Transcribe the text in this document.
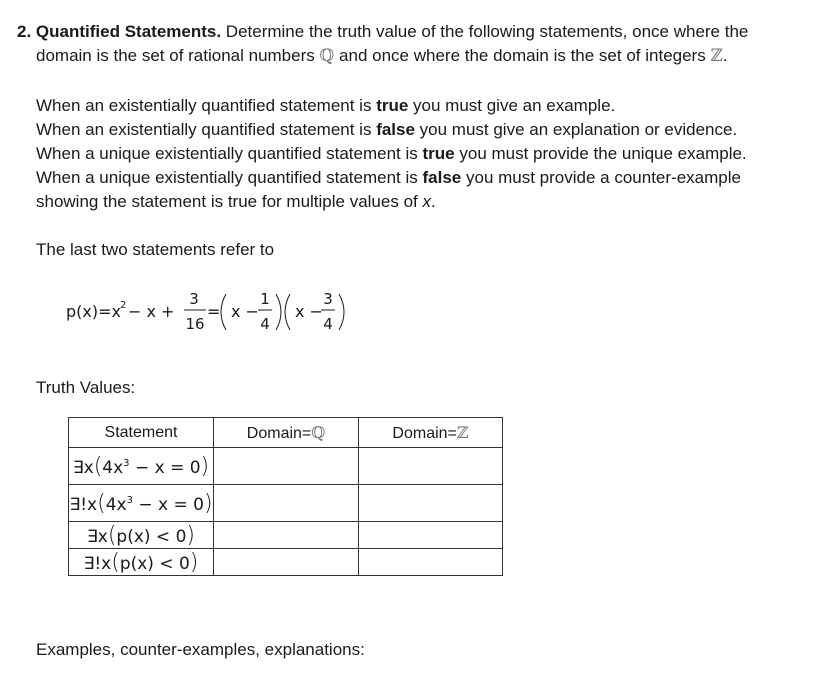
2. Quantified Statements. Determine the truth value of the following statements, once where the
domain is the set of rational numbers ℚ and once where the domain is the set of integers ℤ.
When an existentially quantified statement is true you must give an example.
When an existentially quantified statement is false you must give an explanation or evidence.
When a unique existentially quantified statement is true you must provide the unique example.
When a unique existentially quantified statement is false you must provide a counter-example
showing the statement is true for multiple values of x.
The last two statements refer to
p(x)=x 2 − x +
3
16
= x −
1
4
x −
3
4
Truth Values:
Statement	Domain=ℚ	Domain=ℤ
$\exists x(4x^3 - x = 0)$		
$\exists!x(4x^3 - x = 0)$		
∃x(p(x) < 0)		
∃!x(p(x) < 0)		
Examples, counter-examples, explanations:
